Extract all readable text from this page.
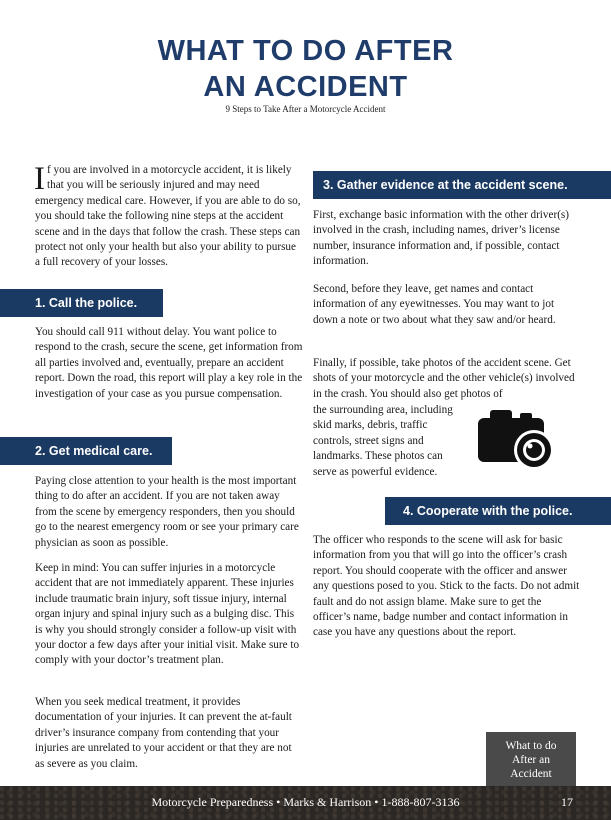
WHAT TO DO AFTER
AN ACCIDENT
9 Steps to Take After a Motorcycle Accident

If you are involved in a motorcycle accident, it is likely that you will be seriously injured and may need emergency medical care. However, if you are able to do so, you should take the following nine steps at the accident scene and in the days that follow the crash. These steps can protect not only your health but also your ability to pursue a full recovery of your losses.

1. Call the police.

You should call 911 without delay. You want police to respond to the crash, secure the scene, get information from all parties involved and, eventually, prepare an accident report. Down the road, this report will play a key role in the investigation of your case as you pursue compensation.

2. Get medical care.

Paying close attention to your health is the most important thing to do after an accident. If you are not taken away from the scene by emergency responders, then you should go to the nearest emergency room or see your primary care physician as soon as possible.

Keep in mind: You can suffer injuries in a motorcycle accident that are not immediately apparent. These injuries include traumatic brain injury, soft tissue injury, internal organ injury and spinal injury such as a bulging disc. This is why you should strongly consider a follow-up visit with your doctor a few days after your initial visit. Make sure to comply with your doctor’s treatment plan.

When you seek medical treatment, it provides documentation of your injuries. It can prevent the at-fault driver’s insurance company from contending that your injuries are unrelated to your accident or that they are not as severe as you claim.

3. Gather evidence at the accident scene.

First, exchange basic information with the other driver(s) involved in the crash, including names, driver’s license number, insurance information and, if possible, contact information.

Second, before they leave, get names and contact information of any eyewitnesses. You may want to jot down a note or two about what they saw and/or heard.

Finally, if possible, take photos of the accident scene. Get shots of your motorcycle and the other vehicle(s) involved in the crash. You should also get photos of

the surrounding area, including skid marks, debris, traffic controls, street signs and landmarks. These photos can serve as powerful evidence.

4. Cooperate with the police.

The officer who responds to the scene will ask for basic information from you that will go into the officer’s crash report. You should cooperate with the officer and answer any questions posed to you. Stick to the facts. Do not admit fault and do not assign blame. Make sure to get the officer’s name, badge number and contact information in case you have any questions about the report.

What to do
After an
Accident
Motorcycle Preparedness • Marks & Harrison • 1-888-807-3136	17
